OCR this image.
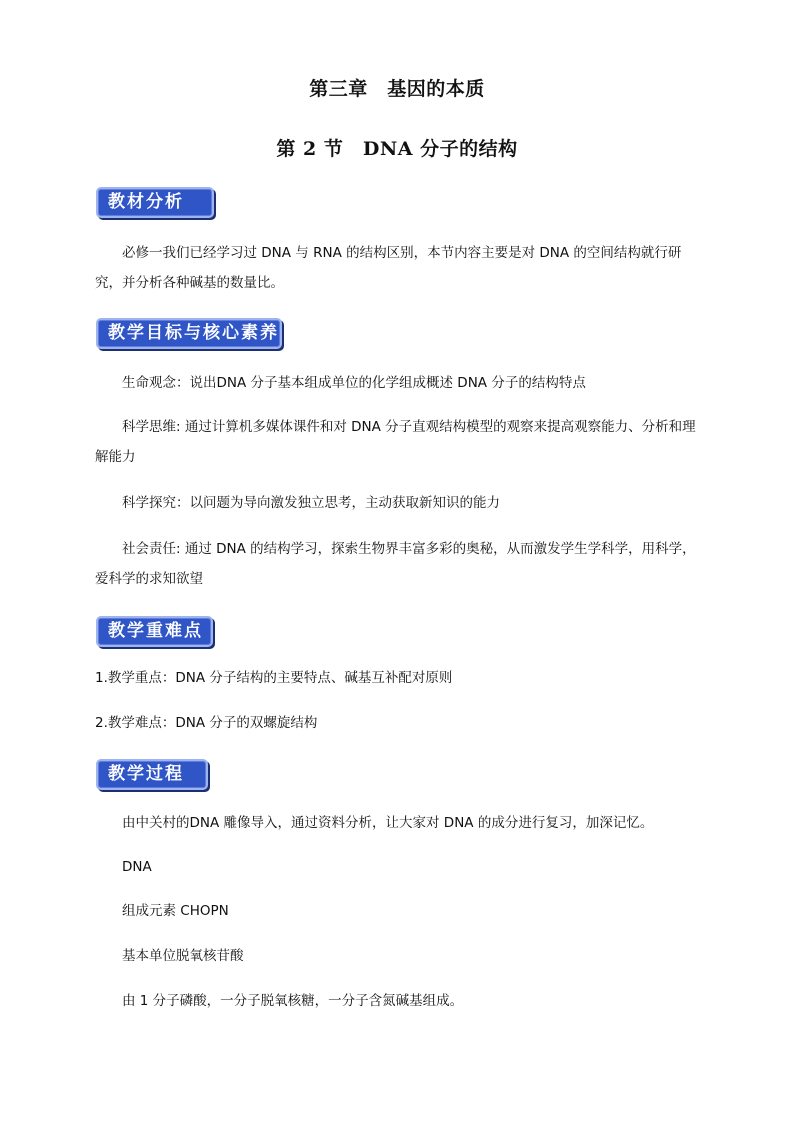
第三章　基因的本质
第 2 节　DNA 分子的结构
教材分析

必修一我们已经学习过 DNA 与 RNA 的结构区别，本节内容主要是对 DNA 的空间结构就行研究，并分析各种碱基的数量比。

教学目标与核心素养

生命观念：说出DNA 分子基本组成单位的化学组成概述 DNA 分子的结构特点

科学思维: 通过计算机多媒体课件和对 DNA 分子直观结构模型的观察来提高观察能力、分析和理解能力

科学探究：以问题为导向激发独立思考，主动获取新知识的能力

社会责任: 通过 DNA 的结构学习，探索生物界丰富多彩的奥秘，从而激发学生学科学，用科学，爱科学的求知欲望

教学重难点
1.教学重点：DNA 分子结构的主要特点、碱基互补配对原则
2.教学难点：DNA 分子的双螺旋结构
教学过程
由中关村的DNA 雕像导入，通过资料分析，让大家对 DNA 的成分进行复习，加深记忆。
DNA
组成元素 CHOPN
基本单位脱氧核苷酸
由 1 分子磷酸，一分子脱氧核糖，一分子含氮碱基组成。
